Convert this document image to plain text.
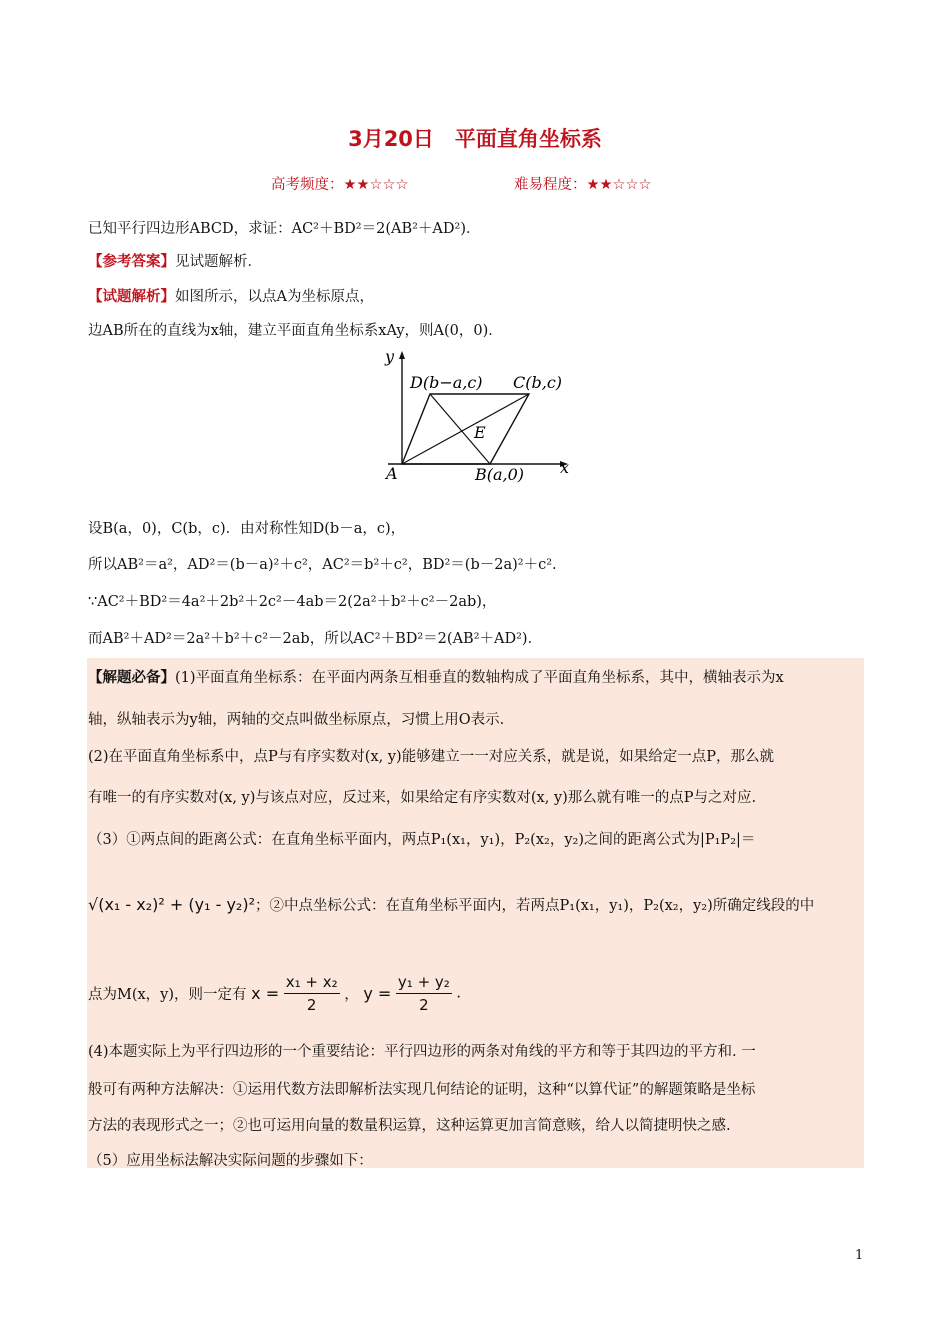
3月20日　平面直角坐标系
高考频度：★★☆☆☆	难易程度：★★☆☆☆
已知平行四边形ABCD，求证：AC²＋BD²＝2(AB²＋AD²)．
【参考答案】见试题解析．
【试题解析】如图所示，以点A为坐标原点，
边AB所在的直线为x轴，建立平面直角坐标系xAy，则A(0，0)．
y
x
A
D(b−a,c) C(b,c)
E
B(a,0)
设B(a，0)，C(b，c)．由对称性知D(b－a，c)，
所以AB²＝a²，AD²＝(b－a)²＋c²，AC²＝b²＋c²，BD²＝(b－2a)²＋c².
∵AC²＋BD²＝4a²＋2b²＋2c²－4ab＝2(2a²＋b²＋c²－2ab)，
而AB²＋AD²＝2a²＋b²＋c²－2ab，所以AC²＋BD²＝2(AB²＋AD²)．
【解题必备】(1)平面直角坐标系：在平面内两条互相垂直的数轴构成了平面直角坐标系，其中，横轴表示为x
轴，纵轴表示为y轴，两轴的交点叫做坐标原点，习惯上用O表示.
(2)在平面直角坐标系中，点P与有序实数对(x, y)能够建立一一对应关系，就是说，如果给定一点P，那么就
有唯一的有序实数对(x, y)与该点对应，反过来，如果给定有序实数对(x, y)那么就有唯一的点P与之对应.
（3）①两点间的距离公式：在直角坐标平面内，两点P₁(x₁，y₁)，P₂(x₂，y₂)之间的距离公式为|P₁P₂|＝
√(x₁ - x₂)² + (y₁ - y₂)²；②中点坐标公式：在直角坐标平面内，若两点P₁(x₁，y₁)，P₂(x₂，y₂)所确定线段的中
点为M(x，y)，则一定有 $x = \frac{\text{x₁ + x₂}}{2}$ ， $y = \frac{\text{y₁ + y₂}}{2}$ .
(4)本题实际上为平行四边形的一个重要结论：平行四边形的两条对角线的平方和等于其四边的平方和. 一
般可有两种方法解决：①运用代数方法即解析法实现几何结论的证明，这种“以算代证”的解题策略是坐标
方法的表现形式之一；②也可运用向量的数量积运算，这种运算更加言简意赅，给人以简捷明快之感.
（5）应用坐标法解决实际问题的步骤如下：
1
